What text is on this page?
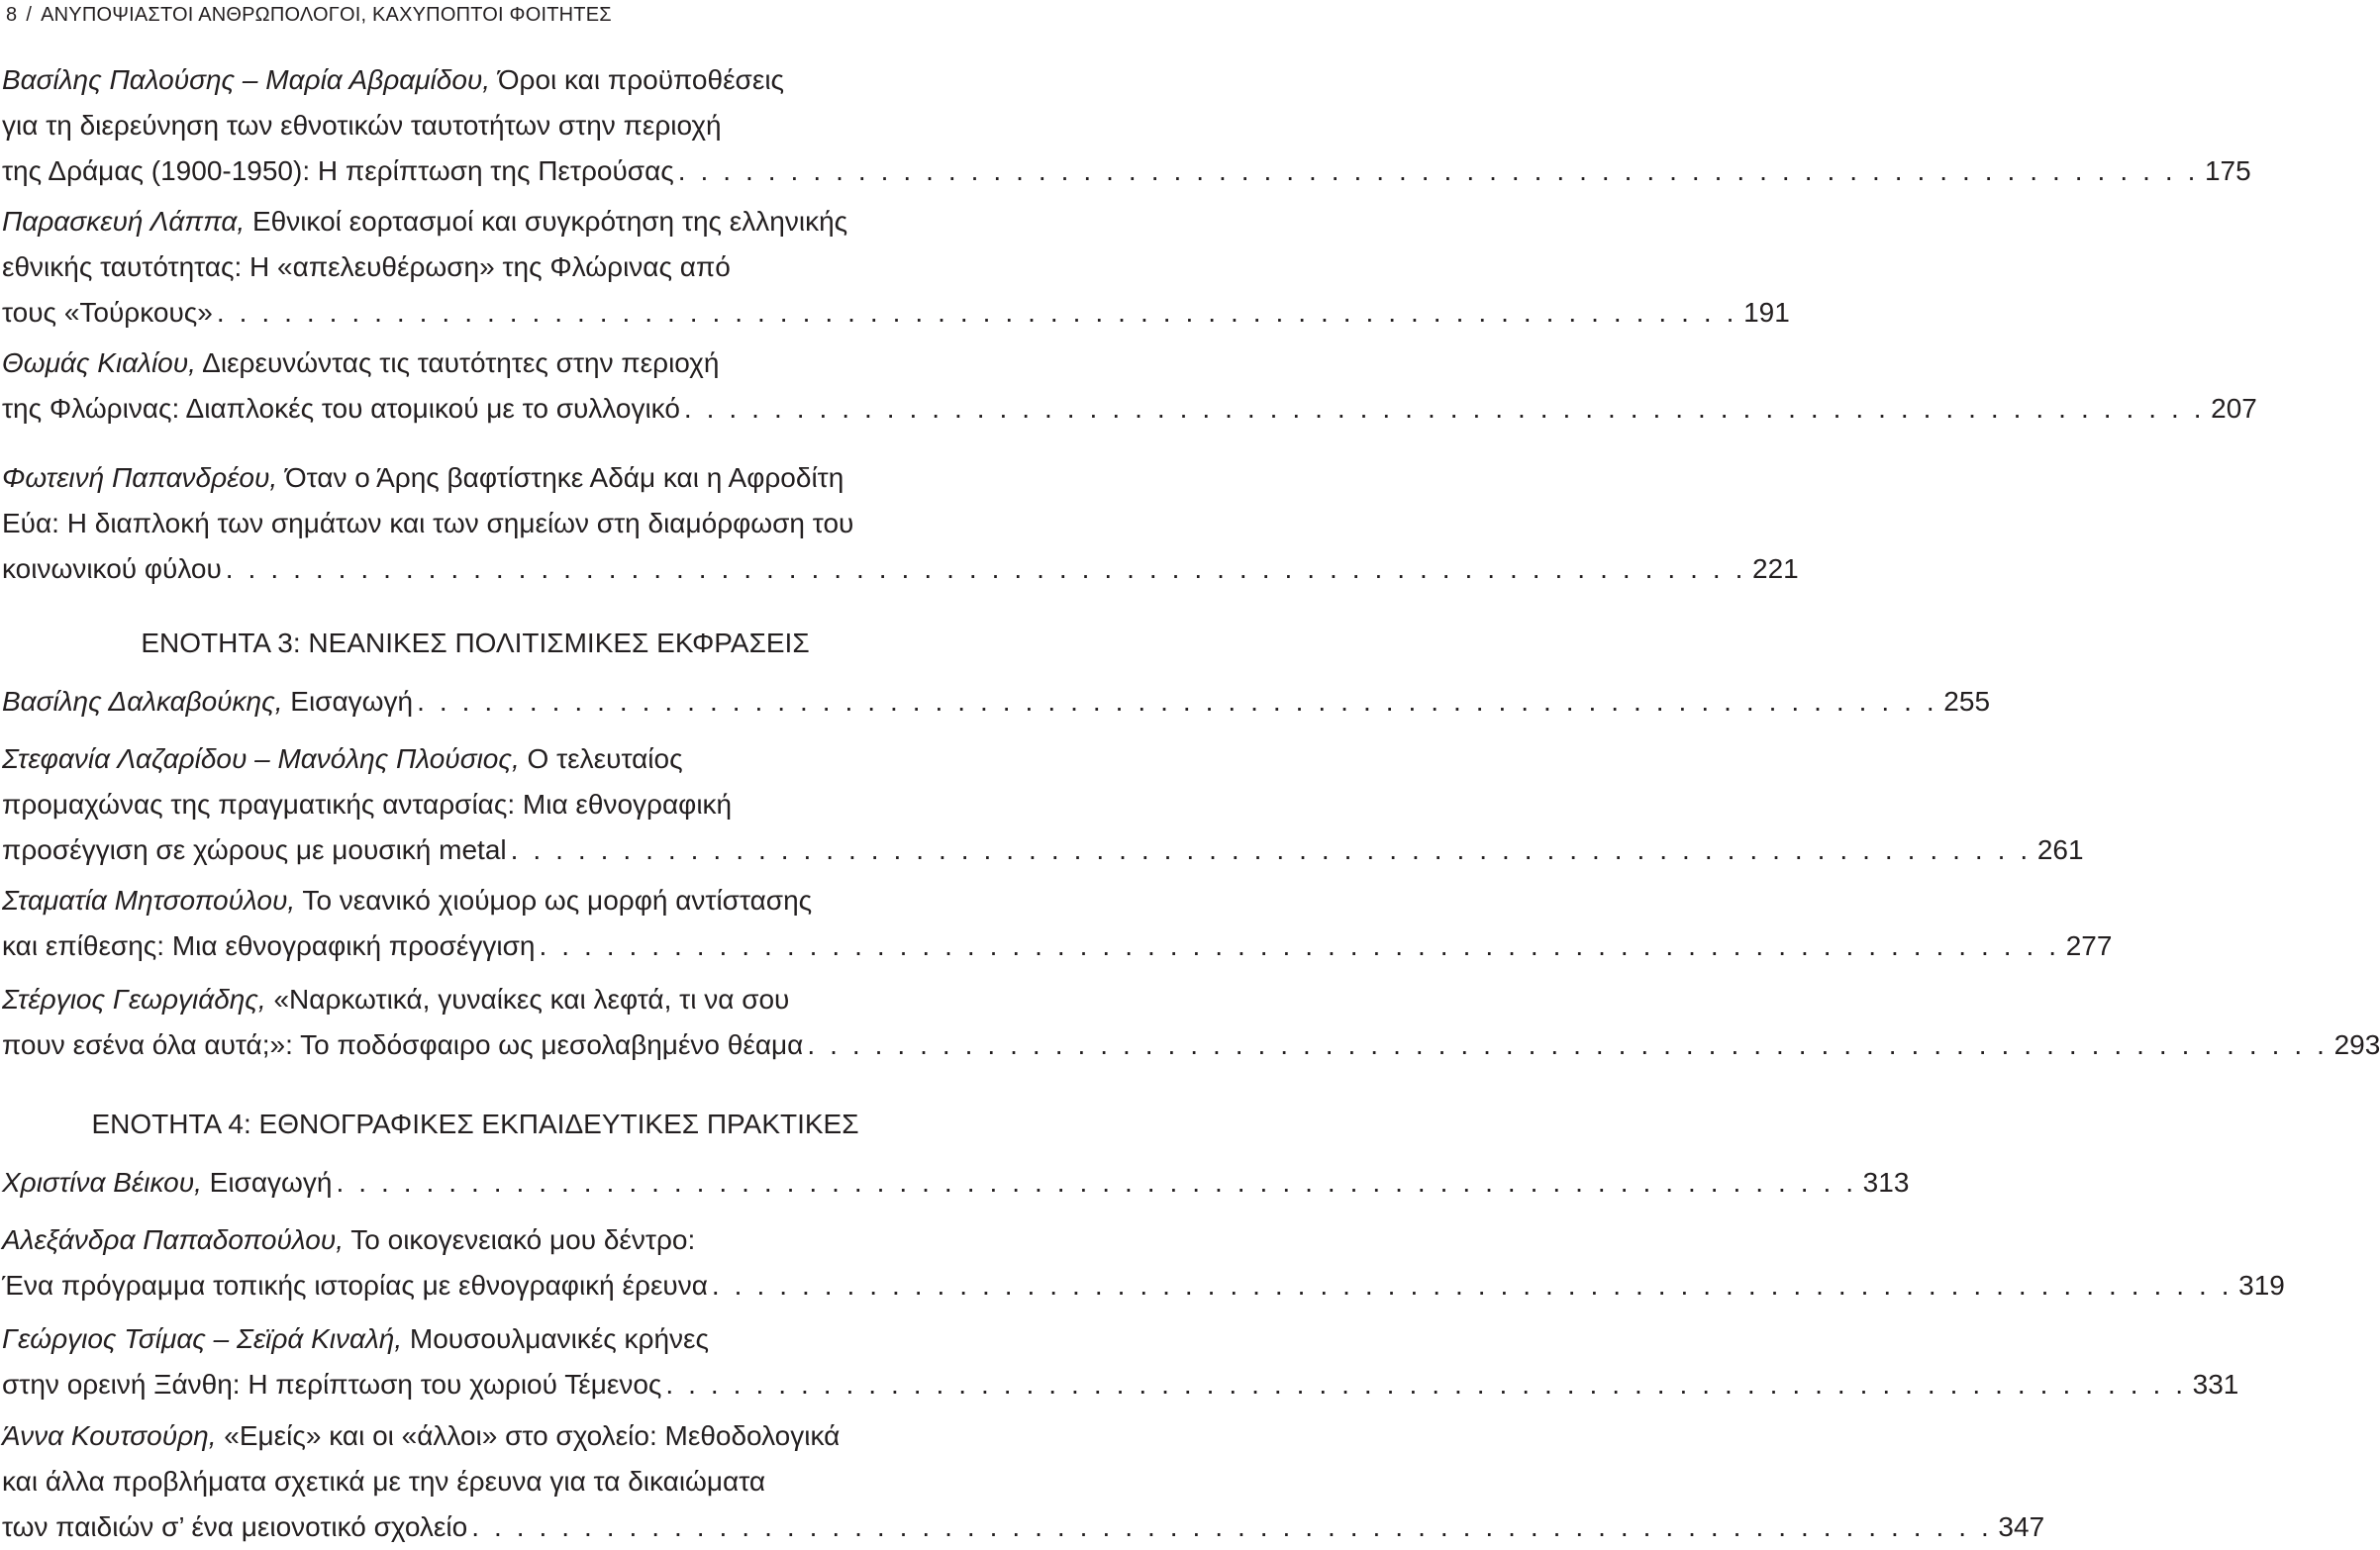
8 / ΑΝΥΠΟΨΙΑΣΤΟΙ ΑΝΘΡΩΠΟΛΟΓΟΙ, ΚΑΧΥΠΟΠΤΟΙ ΦΟΙΤΗΤΕΣ
Βασίλης Παλούσης – Μαρία Αβραμίδου, Όροι και προϋποθέσεις
για τη διερεύνηση των εθνοτικών ταυτοτήτων στην περιοχή
της Δράμας (1900-1950): Η περίπτωση της Πετρούσας . . . . . . . . . . . . . . . . . . . . . . . . . . . . . . . . . . . . . . . . . . . . . . . . . . . . . . . . . . . . . . . . . . . . 175
Παρασκευή Λάππα, Εθνικοί εορτασμοί και συγκρότηση της ελληνικής
εθνικής ταυτότητας: Η «απελευθέρωση» της Φλώρινας από
τους «Τούρκους» . . . . . . . . . . . . . . . . . . . . . . . . . . . . . . . . . . . . . . . . . . . . . . . . . . . . . . . . . . . . . . . . . . . . 191
Θωμάς Κιαλίου, Διερευνώντας τις ταυτότητες στην περιοχή
της Φλώρινας: Διαπλοκές του ατομικού με το συλλογικό . . . . . . . . . . . . . . . . . . . . . . . . . . . . . . . . . . . . . . . . . . . . . . . . . . . . . . . . . . . . . . . . . . . . 207
Φωτεινή Παπανδρέου, Όταν ο Άρης βαφτίστηκε Αδάμ και η Αφροδίτη
Εύα: Η διαπλοκή των σημάτων και των σημείων στη διαμόρφωση του
κοινωνικού φύλου . . . . . . . . . . . . . . . . . . . . . . . . . . . . . . . . . . . . . . . . . . . . . . . . . . . . . . . . . . . . . . . . . . . . 221
ΕΝΟΤΗΤΑ 3: ΝΕΑΝΙΚΕΣ ΠΟΛΙΤΙΣΜΙΚΕΣ ΕΚΦΡΑΣΕΙΣ
Βασίλης Δαλκαβούκης, Εισαγωγή . . . . . . . . . . . . . . . . . . . . . . . . . . . . . . . . . . . . . . . . . . . . . . . . . . . . . . . . . . . . . . . . . . . . 255
Στεφανία Λαζαρίδου – Μανόλης Πλούσιος, Ο τελευταίος
προμαχώνας της πραγματικής ανταρσίας: Μια εθνογραφική
προσέγγιση σε χώρους με μουσική metal . . . . . . . . . . . . . . . . . . . . . . . . . . . . . . . . . . . . . . . . . . . . . . . . . . . . . . . . . . . . . . . . . . . . 261
Σταματία Μητσοπούλου, Το νεανικό χιούμορ ως μορφή αντίστασης
και επίθεσης: Μια εθνογραφική προσέγγιση . . . . . . . . . . . . . . . . . . . . . . . . . . . . . . . . . . . . . . . . . . . . . . . . . . . . . . . . . . . . . . . . . . . . 277
Στέργιος Γεωργιάδης, «Ναρκωτικά, γυναίκες και λεφτά, τι να σου
πουν εσένα όλα αυτά;»: Το ποδόσφαιρο ως μεσολαβημένο θέαμα . . . . . . . . . . . . . . . . . . . . . . . . . . . . . . . . . . . . . . . . . . . . . . . . . . . . . . . . . . . . . . . . . . . . 293
ΕΝΟΤΗΤΑ 4: ΕΘΝΟΓΡΑΦΙΚΕΣ ΕΚΠΑΙΔΕΥΤΙΚΕΣ ΠΡΑΚΤΙΚΕΣ
Χριστίνα Βέικου, Εισαγωγή . . . . . . . . . . . . . . . . . . . . . . . . . . . . . . . . . . . . . . . . . . . . . . . . . . . . . . . . . . . . . . . . . . . . 313
Αλεξάνδρα Παπαδοπούλου, Το οικογενειακό μου δέντρο:
Ένα πρόγραμμα τοπικής ιστορίας με εθνογραφική έρευνα . . . . . . . . . . . . . . . . . . . . . . . . . . . . . . . . . . . . . . . . . . . . . . . . . . . . . . . . . . . . . . . . . . . . 319
Γεώργιος Τσίμας – Σεϊρά Κιναλή, Μουσουλμανικές κρήνες
στην ορεινή Ξάνθη: Η περίπτωση του χωριού Τέμενος . . . . . . . . . . . . . . . . . . . . . . . . . . . . . . . . . . . . . . . . . . . . . . . . . . . . . . . . . . . . . . . . . . . . 331
Άννα Κουτσούρη, «Εμείς» και οι «άλλοι» στο σχολείο: Μεθοδολογικά
και άλλα προβλήματα σχετικά με την έρευνα για τα δικαιώματα
των παιδιών σ’ ένα μειονοτικό σχολείο . . . . . . . . . . . . . . . . . . . . . . . . . . . . . . . . . . . . . . . . . . . . . . . . . . . . . . . . . . . . . . . . . . . . 347
